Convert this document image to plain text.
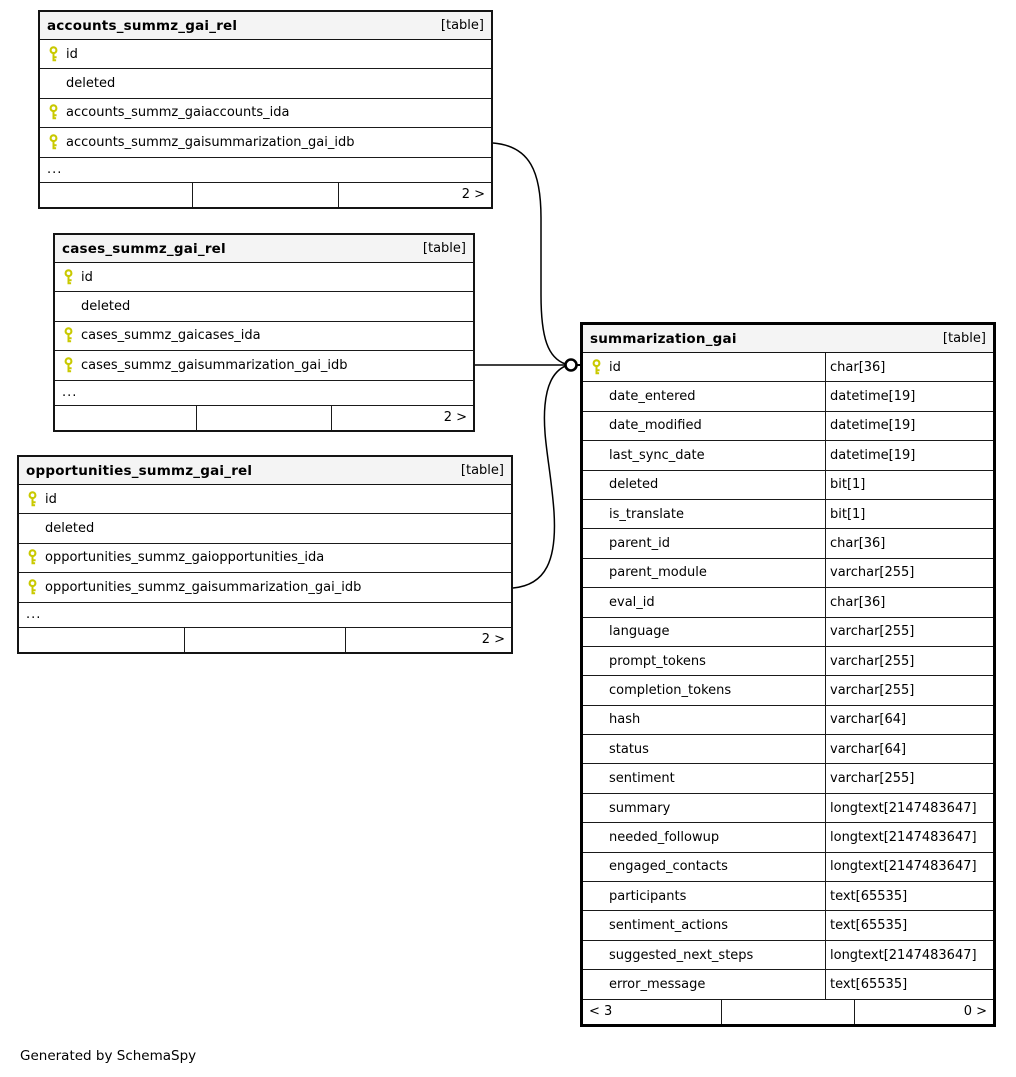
accounts_summz_gai_rel	[table]
id
deleted
accounts_summz_gaiaccounts_ida
accounts_summz_gaisummarization_gai_idb
...
2 >
cases_summz_gai_rel	[table]
id
deleted
cases_summz_gaicases_ida
cases_summz_gaisummarization_gai_idb
...
2 >
opportunities_summz_gai_rel	[table]
id
deleted
opportunities_summz_gaiopportunities_ida
opportunities_summz_gaisummarization_gai_idb
...
2 >
summarization_gai	[table]
id	char[36]
date_entered	datetime[19]
date_modified	datetime[19]
last_sync_date	datetime[19]
deleted	bit[1]
is_translate	bit[1]
parent_id	char[36]
parent_module	varchar[255]
eval_id	char[36]
language	varchar[255]
prompt_tokens	varchar[255]
completion_tokens	varchar[255]
hash	varchar[64]
status	varchar[64]
sentiment	varchar[255]
summary	longtext[2147483647]
needed_followup	longtext[2147483647]
engaged_contacts	longtext[2147483647]
participants	text[65535]
sentiment_actions	text[65535]
suggested_next_steps	longtext[2147483647]
error_message	text[65535]
< 3	0 >
Generated by SchemaSpy
